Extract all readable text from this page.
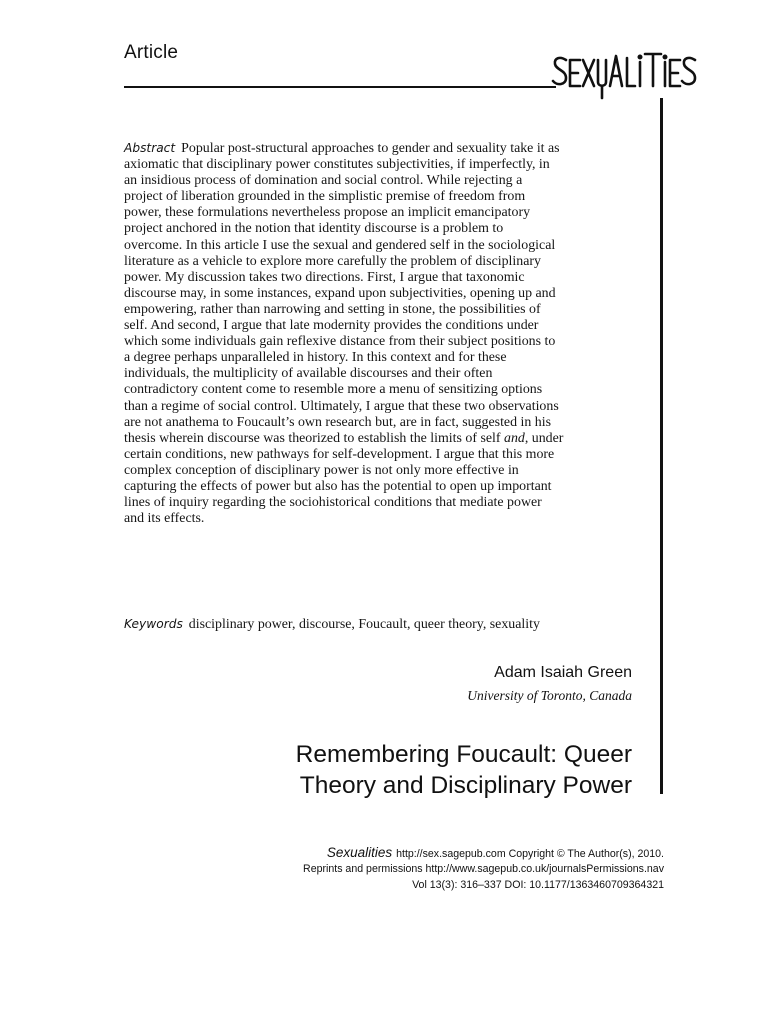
Article

Abstract Popular post-structural approaches to gender and sexuality take it as axiomatic that disciplinary power constitutes subjectivities, if imperfectly, in an insidious process of domination and social control. While rejecting a project of liberation grounded in the simplistic premise of freedom from power, these formulations nevertheless propose an implicit emancipatory project anchored in the notion that identity discourse is a problem to overcome. In this article I use the sexual and gendered self in the sociological literature as a vehicle to explore more carefully the problem of disciplinary power. My discussion takes two directions. First, I argue that taxonomic discourse may, in some instances, expand upon subjectivities, opening up and empowering, rather than narrowing and setting in stone, the possibilities of self. And second, I argue that late modernity provides the conditions under which some individuals gain reflexive distance from their subject positions to a degree perhaps unparalleled in history. In this context and for these individuals, the multiplicity of available discourses and their often contradictory content come to resemble more a menu of sensitizing options than a regime of social control. Ultimately, I argue that these two observations are not anathema to Foucault’s own research but, are in fact, suggested in his thesis wherein discourse was theorized to establish the limits of self and, under certain conditions, new pathways for self-development. I argue that this more complex conception of disciplinary power is not only more effective in capturing the effects of power but also has the potential to open up important lines of inquiry regarding the sociohistorical conditions that mediate power and its effects.

Keywords disciplinary power, discourse, Foucault, queer theory, sexuality

Adam Isaiah Green
University of Toronto, Canada
Remembering Foucault: Queer
Theory and Disciplinary Power
Sexualities http://sex.sagepub.com Copyright © The Author(s), 2010.
Reprints and permissions http://www.sagepub.co.uk/journalsPermissions.nav
Vol 13(3): 316–337 DOI: 10.1177/1363460709364321
